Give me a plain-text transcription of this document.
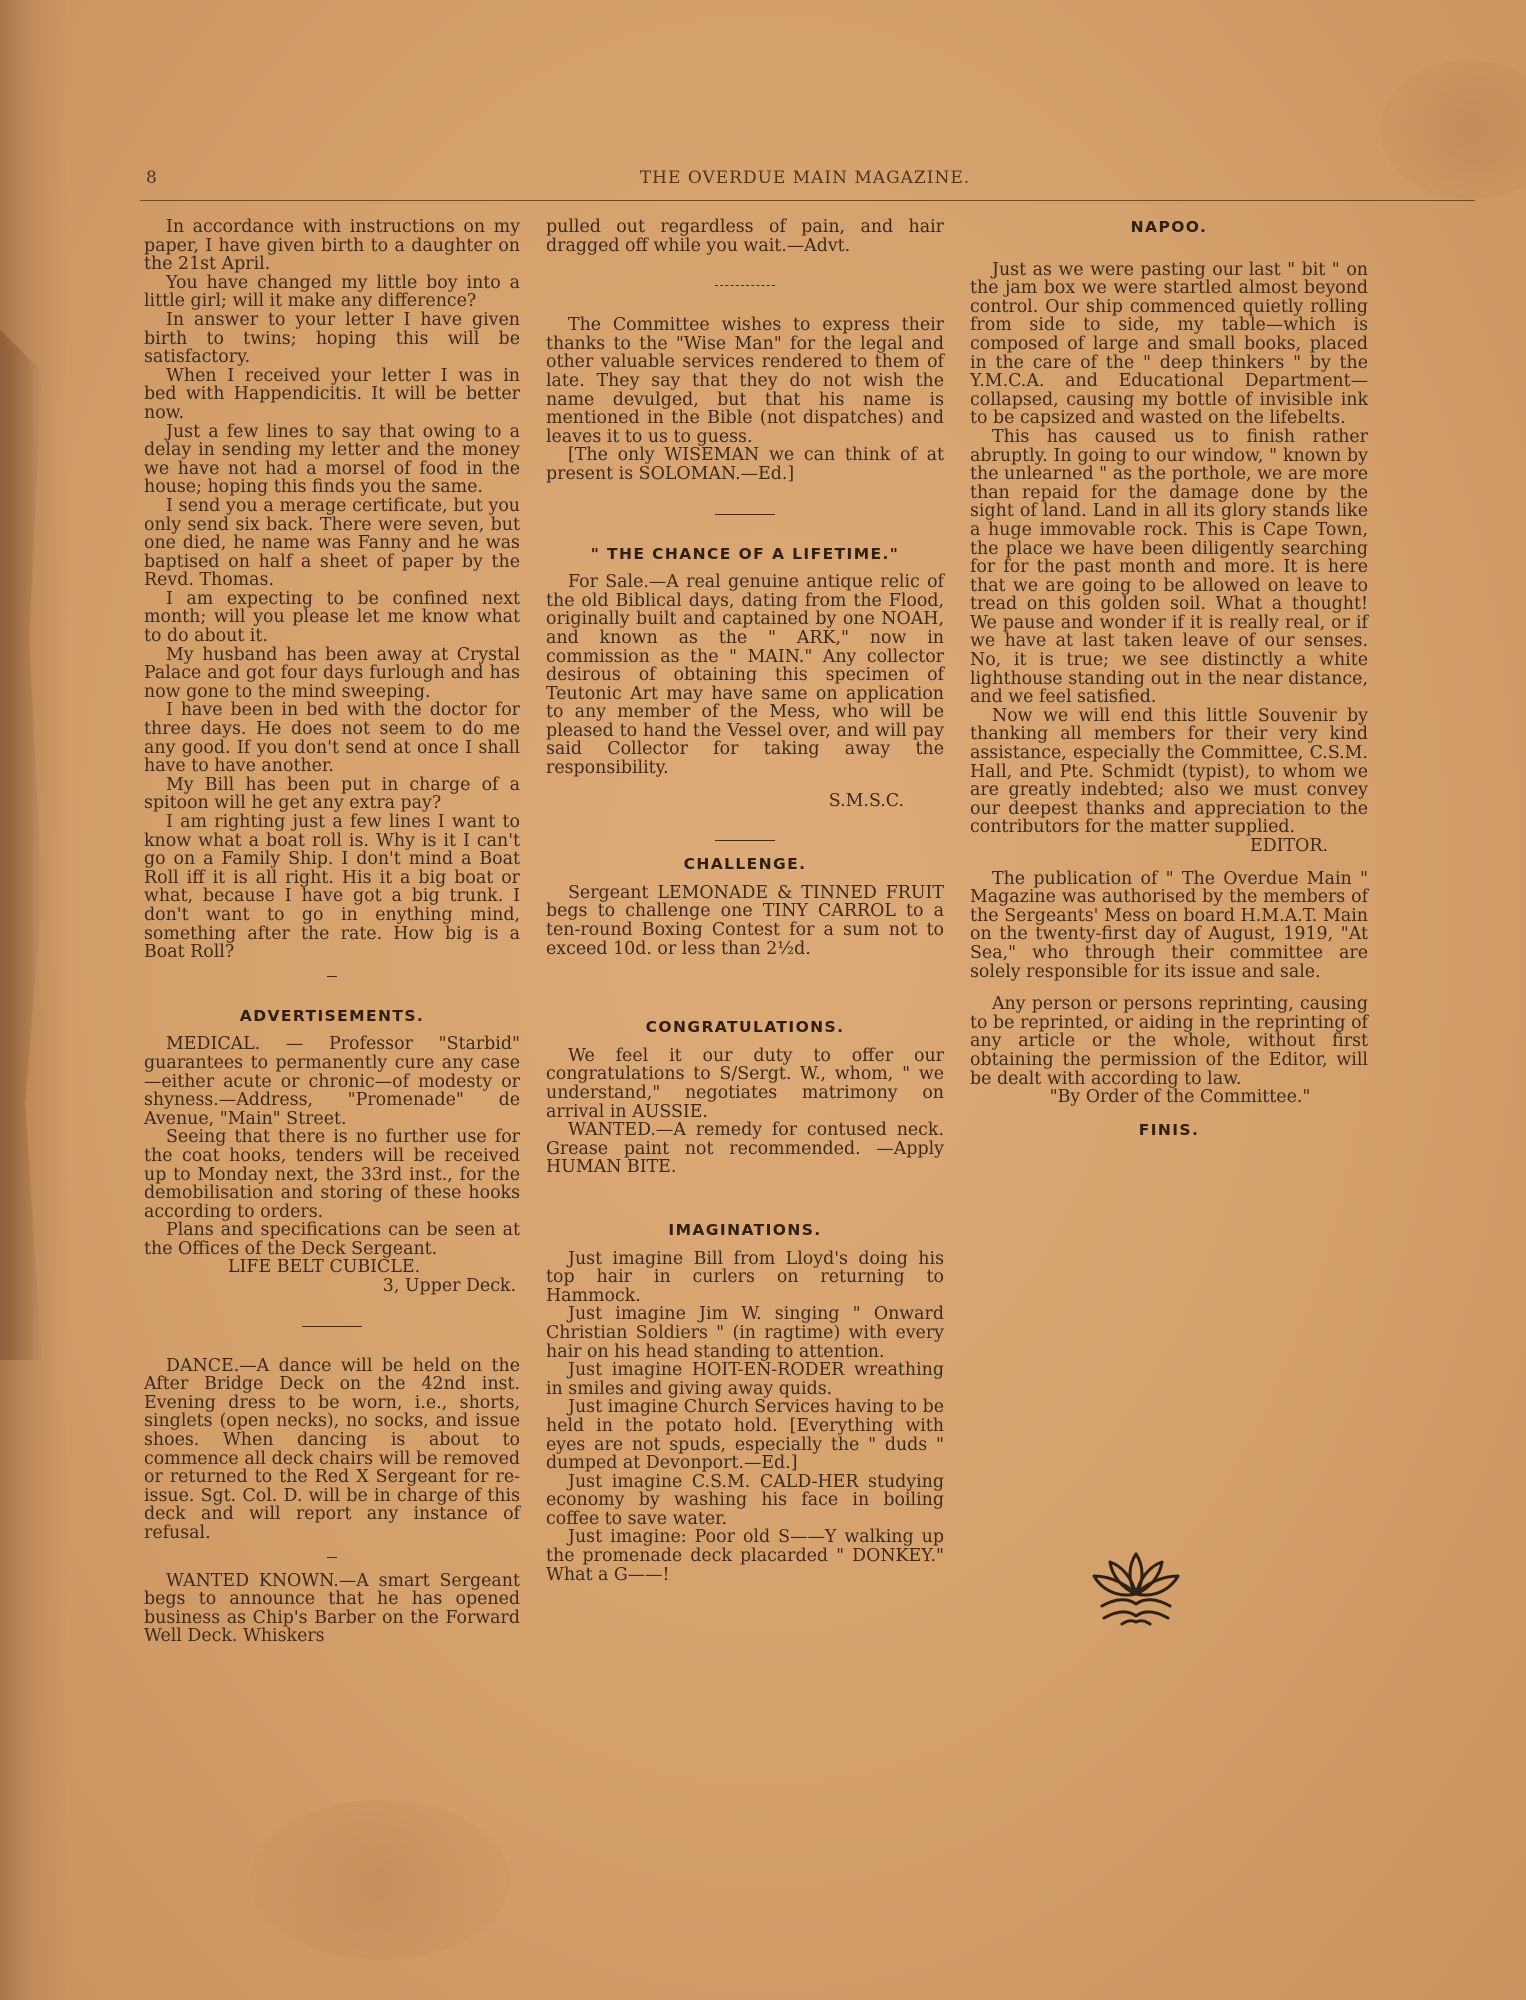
8	THE OVERDUE MAIN MAGAZINE.

In accordance with instructions on my paper, I have given birth to a daughter on the 21st April.

You have changed my little boy into a little girl; will it make any difference?

In answer to your letter I have given birth to twins; hoping this will be satisfactory.

When I received your letter I was in bed with Happendicitis. It will be better now.

Just a few lines to say that owing to a delay in sending my letter and the money we have not had a morsel of food in the house; hoping this finds you the same.

I send you a merage certificate, but you only send six back. There were seven, but one died, he name was Fanny and he was baptised on half a sheet of paper by the Revd. Thomas.

I am expecting to be confined next month; will you please let me know what to do about it.

My husband has been away at Crystal Palace and got four days furlough and has now gone to the mind sweeping.

I have been in bed with the doctor for three days. He does not seem to do me any good. If you don't send at once I shall have to have another.

My Bill has been put in charge of a spitoon will he get any extra pay?

I am righting just a few lines I want to know what a boat roll is. Why is it I can't go on a Family Ship. I don't mind a Boat Roll iff it is all right. His it a big boat or what, because I have got a big trunk. I don't want to go in enything mind, something after the rate. How big is a Boat Roll?

ADVERTISEMENTS.

MEDICAL. — Professor "Starbid" guarantees to permanently cure any case—either acute or chronic—of modesty or shyness.—Address, "Promenade" de Avenue, "Main" Street.

Seeing that there is no further use for the coat hooks, tenders will be received up to Monday next, the 33rd inst., for the demobilisation and storing of these hooks according to orders.

Plans and specifications can be seen at the Offices of the Deck Sergeant.

LIFE BELT CUBICLE.

3, Upper Deck.

DANCE.—A dance will be held on the After Bridge Deck on the 42nd inst. Evening dress to be worn, i.e., shorts, singlets (open necks), no socks, and issue shoes. When dancing is about to commence all deck chairs will be removed or returned to the Red X Sergeant for re-issue. Sgt. Col. D. will be in charge of this deck and will report any instance of refusal.

WANTED KNOWN.—A smart Sergeant begs to announce that he has opened business as Chip's Barber on the Forward Well Deck. Whiskers

pulled out regardless of pain, and hair dragged off while you wait.—Advt.

The Committee wishes to express their thanks to the "Wise Man" for the legal and other valuable services rendered to them of late. They say that they do not wish the name devulged, but that his name is mentioned in the Bible (not dispatches) and leaves it to us to guess.

[The only WISEMAN we can think of at present is SOLOMAN.—Ed.]

" THE CHANCE OF A LIFETIME."

For Sale.—A real genuine antique relic of the old Biblical days, dating from the Flood, originally built and captained by one NOAH, and known as the " ARK," now in commission as the " MAIN." Any collector desirous of obtaining this specimen of Teutonic Art may have same on application to any member of the Mess, who will be pleased to hand the Vessel over, and will pay said Collector for taking away the responsibility.

S.M.S.C.

CHALLENGE.

Sergeant LEMONADE & TINNED FRUIT begs to challenge one TINY CARROL to a ten-round Boxing Contest for a sum not to exceed 10d. or less than 2½d.

CONGRATULATIONS.

We feel it our duty to offer our congratulations to S/Sergt. W., whom, " we understand," negotiates matrimony on arrival in AUSSIE.

WANTED.—A remedy for contused neck. Grease paint not recommended. —Apply HUMAN BITE.

IMAGINATIONS.

Just imagine Bill from Lloyd's doing his top hair in curlers on returning to Hammock.

Just imagine Jim W. singing " Onward Christian Soldiers " (in ragtime) with every hair on his head standing to attention.

Just imagine HOIT-EN-RODER wreathing in smiles and giving away quids.

Just imagine Church Services having to be held in the potato hold. [Everything with eyes are not spuds, especially the " duds " dumped at Devonport.—Ed.]

Just imagine C.S.M. CALD-HER studying economy by washing his face in boiling coffee to save water.

Just imagine: Poor old S——Y walking up the promenade deck placarded " DONKEY." What a G——!

NAPOO.

Just as we were pasting our last " bit " on the jam box we were startled almost beyond control. Our ship commenced quietly rolling from side to side, my table—which is composed of large and small books, placed in the care of the " deep thinkers " by the Y.M.C.A. and Educational Department—collapsed, causing my bottle of invisible ink to be capsized and wasted on the lifebelts.

This has caused us to finish rather abruptly. In going to our window, " known by the unlearned " as the porthole, we are more than repaid for the damage done by the sight of land. Land in all its glory stands like a huge immovable rock. This is Cape Town, the place we have been diligently searching for for the past month and more. It is here that we are going to be allowed on leave to tread on this golden soil. What a thought! We pause and wonder if it is really real, or if we have at last taken leave of our senses. No, it is true; we see distinctly a white lighthouse standing out in the near distance, and we feel satisfied.

Now we will end this little Souvenir by thanking all members for their very kind assistance, especially the Committee, C.S.M. Hall, and Pte. Schmidt (typist), to whom we are greatly indebted; also we must convey our deepest thanks and appreciation to the contributors for the matter supplied.

EDITOR.

The publication of " The Overdue Main " Magazine was authorised by the members of the Sergeants' Mess on board H.M.A.T. Main on the twenty-first day of August, 1919, "At Sea," who through their committee are solely responsible for its issue and sale.

Any person or persons reprinting, causing to be reprinted, or aiding in the reprinting of any article or the whole, without first obtaining the permission of the Editor, will be dealt with according to law.

"By Order of the Committee."

FINIS.
